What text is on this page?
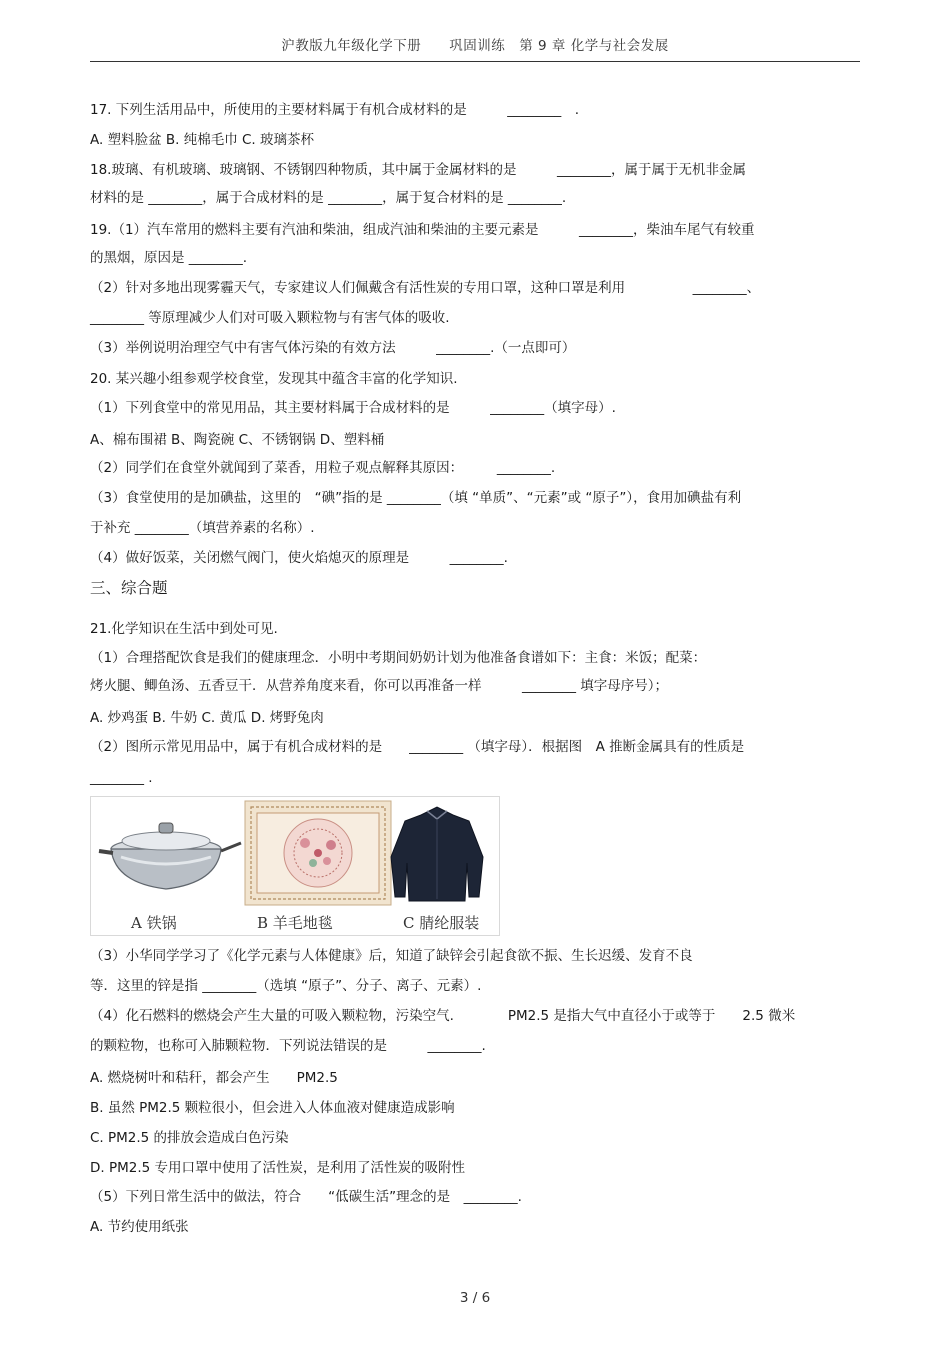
沪教版九年级化学下册　　巩固训练　第 9 章 化学与社会发展
17. 下列生活用品中，所使用的主要材料属于有机合成材料的是　　　________　.
A. 塑料脸盆 B. 纯棉毛巾 C. 玻璃茶杯
18.玻璃、有机玻璃、玻璃钢、不锈钢四种物质，其中属于金属材料的是　　　________，属于属于无机非金属
材料的是 ________，属于合成材料的是 ________，属于复合材料的是 ________.
19.（1）汽车常用的燃料主要有汽油和柴油，组成汽油和柴油的主要元素是　　　________，柴油车尾气有较重
的黑烟，原因是 ________.
（2）针对多地出现雾霾天气，专家建议人们佩戴含有活性炭的专用口罩，这种口罩是利用　　　　　________、
________ 等原理减少人们对可吸入颗粒物与有害气体的吸收.
（3）举例说明治理空气中有害气体污染的有效方法　　　________.（一点即可）
20. 某兴趣小组参观学校食堂，发现其中蕴含丰富的化学知识.
（1）下列食堂中的常见用品，其主要材料属于合成材料的是　　　________（填字母）.
A、棉布围裙 B、陶瓷碗 C、不锈钢锅 D、塑料桶
（2）同学们在食堂外就闻到了菜香，用粒子观点解释其原因：　　　________.
（3）食堂使用的是加碘盐，这里的　“碘”指的是 ________（填 “单质”、“元素”或 “原子”），食用加碘盐有利
于补充 ________（填营养素的名称）.
（4）做好饭菜，关闭燃气阀门，使火焰熄灭的原理是　　　________.
三、综合题
21.化学知识在生活中到处可见.
（1）合理搭配饮食是我们的健康理念．小明中考期间奶奶计划为他准备食谱如下：主食：米饭；配菜：
烤火腿、鲫鱼汤、五香豆干．从营养角度来看，你可以再准备一样　　　________ 填字母序号）；
A. 炒鸡蛋 B. 牛奶 C. 黄瓜 D. 烤野兔肉
（2）图所示常见用品中，属于有机合成材料的是　　________ （填字母）．根据图　A 推断金属具有的性质是
________ .
（3）小华同学学习了《化学元素与人体健康》后，知道了缺锌会引起食欲不振、生长迟缓、发育不良
等．这里的锌是指 ________（选填 “原子”、分子、离子、元素）.
（4）化石燃料的燃烧会产生大量的可吸入颗粒物，污染空气.　　　　PM2.5 是指大气中直径小于或等于　　2.5 微米
的颗粒物，也称可入肺颗粒物．下列说法错误的是　　　________.
A. 燃烧树叶和秸秆，都会产生　　PM2.5
B. 虽然 PM2.5 颗粒很小，但会进入人体血液对健康造成影响
C. PM2.5 的排放会造成白色污染
D. PM2.5 专用口罩中使用了活性炭，是利用了活性炭的吸附性
（5）下列日常生活中的做法，符合　　“低碳生活”理念的是　________.
A. 节约使用纸张
A 铁锅	B 羊毛地毯	C 腈纶服装
3 / 6
